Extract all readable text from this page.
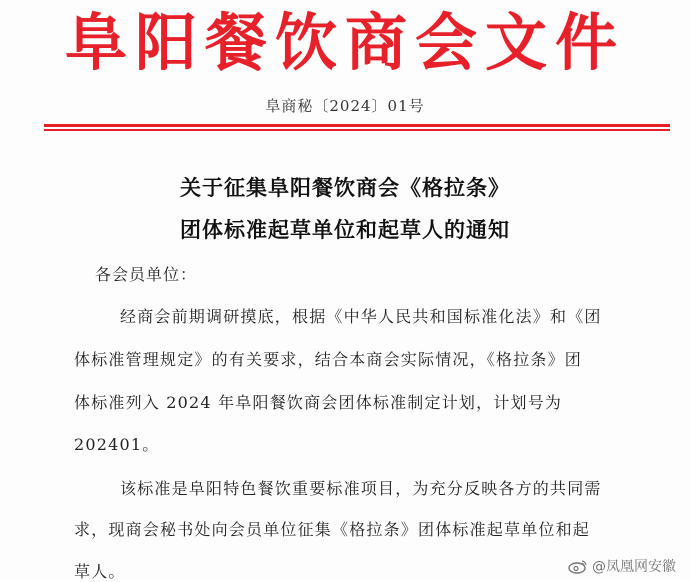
阜阳餐饮商会文件
阜商秘〔2024〕01号
关于征集阜阳餐饮商会《格拉条》
团体标准起草单位和起草人的通知
各会员单位：
经商会前期调研摸底，根据《中华人民共和国标准化法》和《团
体标准管理规定》的有关要求，结合本商会实际情况，《格拉条》团
体标准列入 2024 年阜阳餐饮商会团体标准制定计划，计划号为
202401。
该标准是阜阳特色餐饮重要标准项目，为充分反映各方的共同需
求，现商会秘书处向会员单位征集《格拉条》团体标准起草单位和起
草人。	@凤凰网安徽
